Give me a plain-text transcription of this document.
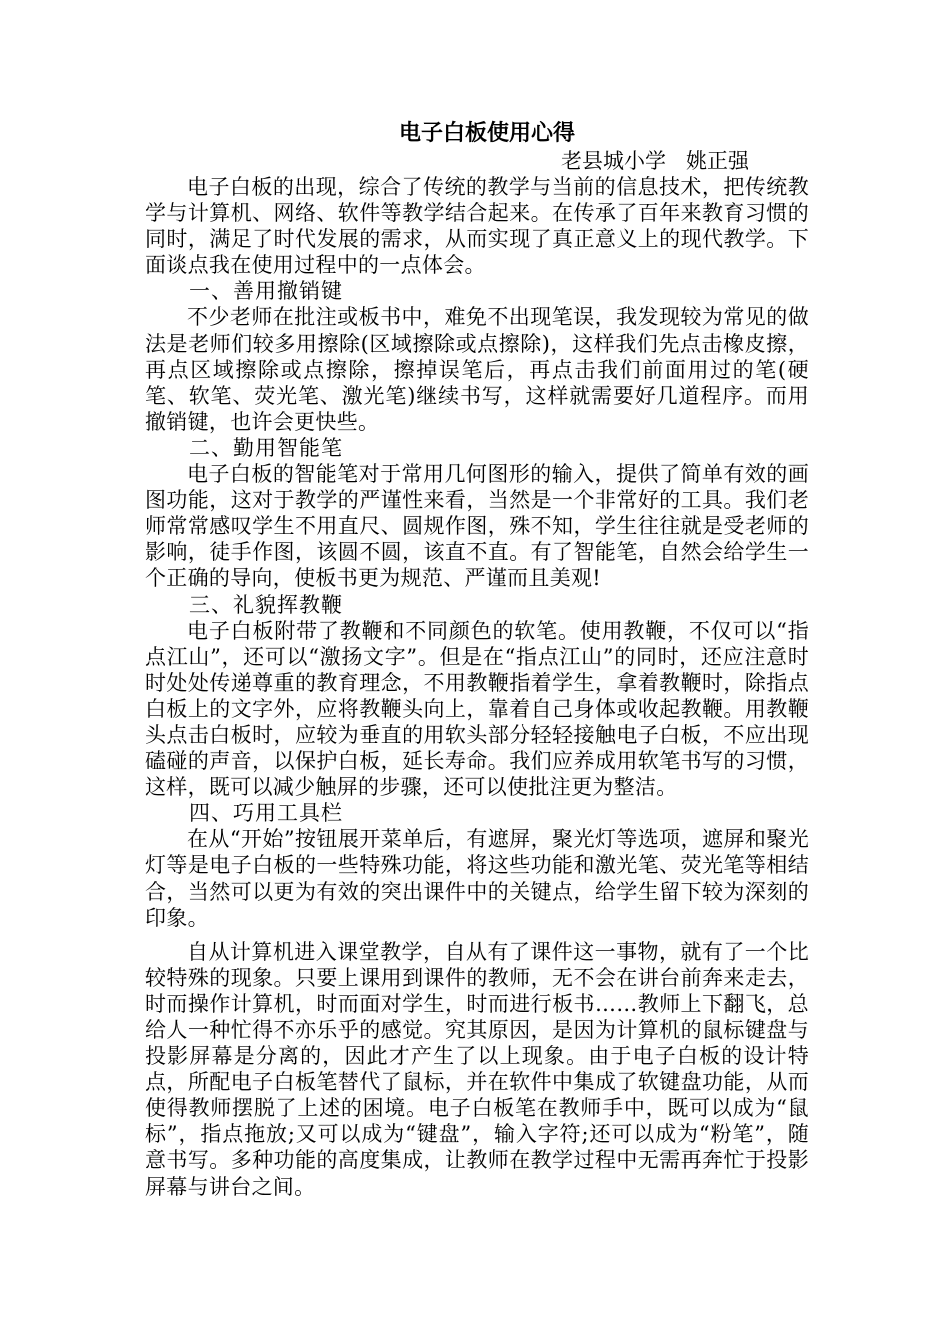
电子白板使用心得
老县城小学   姚正强

电子白板的出现，综合了传统的教学与当前的信息技术，把传统教学与计算机、网络、软件等教学结合起来。在传承了百年来教育习惯的同时，满足了时代发展的需求，从而实现了真正意义上的现代教学。下面谈点我在使用过程中的一点体会。

一、善用撤销键

不少老师在批注或板书中，难免不出现笔误，我发现较为常见的做法是老师们较多用擦除(区域擦除或点擦除)，这样我们先点击橡皮擦，再点区域擦除或点擦除，擦掉误笔后，再点击我们前面用过的笔(硬笔、软笔、荧光笔、激光笔)继续书写，这样就需要好几道程序。而用撤销键，也许会更快些。

二、勤用智能笔

电子白板的智能笔对于常用几何图形的输入，提供了简单有效的画图功能，这对于教学的严谨性来看，当然是一个非常好的工具。我们老师常常感叹学生不用直尺、圆规作图，殊不知，学生往往就是受老师的影响，徒手作图，该圆不圆，该直不直。有了智能笔，自然会给学生一个正确的导向，使板书更为规范、严谨而且美观!

三、礼貌挥教鞭

电子白板附带了教鞭和不同颜色的软笔。使用教鞭，不仅可以“指点江山”，还可以“激扬文字”。但是在“指点江山”的同时，还应注意时时处处传递尊重的教育理念，不用教鞭指着学生，拿着教鞭时，除指点白板上的文字外，应将教鞭头向上，靠着自己身体或收起教鞭。用教鞭头点击白板时，应较为垂直的用软头部分轻轻接触电子白板，不应出现磕碰的声音，以保护白板，延长寿命。我们应养成用软笔书写的习惯，这样，既可以减少触屏的步骤，还可以使批注更为整洁。

四、巧用工具栏

在从“开始”按钮展开菜单后，有遮屏，聚光灯等选项，遮屏和聚光灯等是电子白板的一些特殊功能，将这些功能和激光笔、荧光笔等相结合，当然可以更为有效的突出课件中的关键点，给学生留下较为深刻的印象。

自从计算机进入课堂教学，自从有了课件这一事物，就有了一个比较特殊的现象。只要上课用到课件的教师，无不会在讲台前奔来走去，时而操作计算机，时而面对学生，时而进行板书……教师上下翻飞，总给人一种忙得不亦乐乎的感觉。究其原因，是因为计算机的鼠标键盘与投影屏幕是分离的，因此才产生了以上现象。由于电子白板的设计特点，所配电子白板笔替代了鼠标，并在软件中集成了软键盘功能，从而使得教师摆脱了上述的困境。电子白板笔在教师手中，既可以成为“鼠标”，指点拖放;又可以成为“键盘”，输入字符;还可以成为“粉笔”，随意书写。多种功能的高度集成，让教师在教学过程中无需再奔忙于投影屏幕与讲台之间。
